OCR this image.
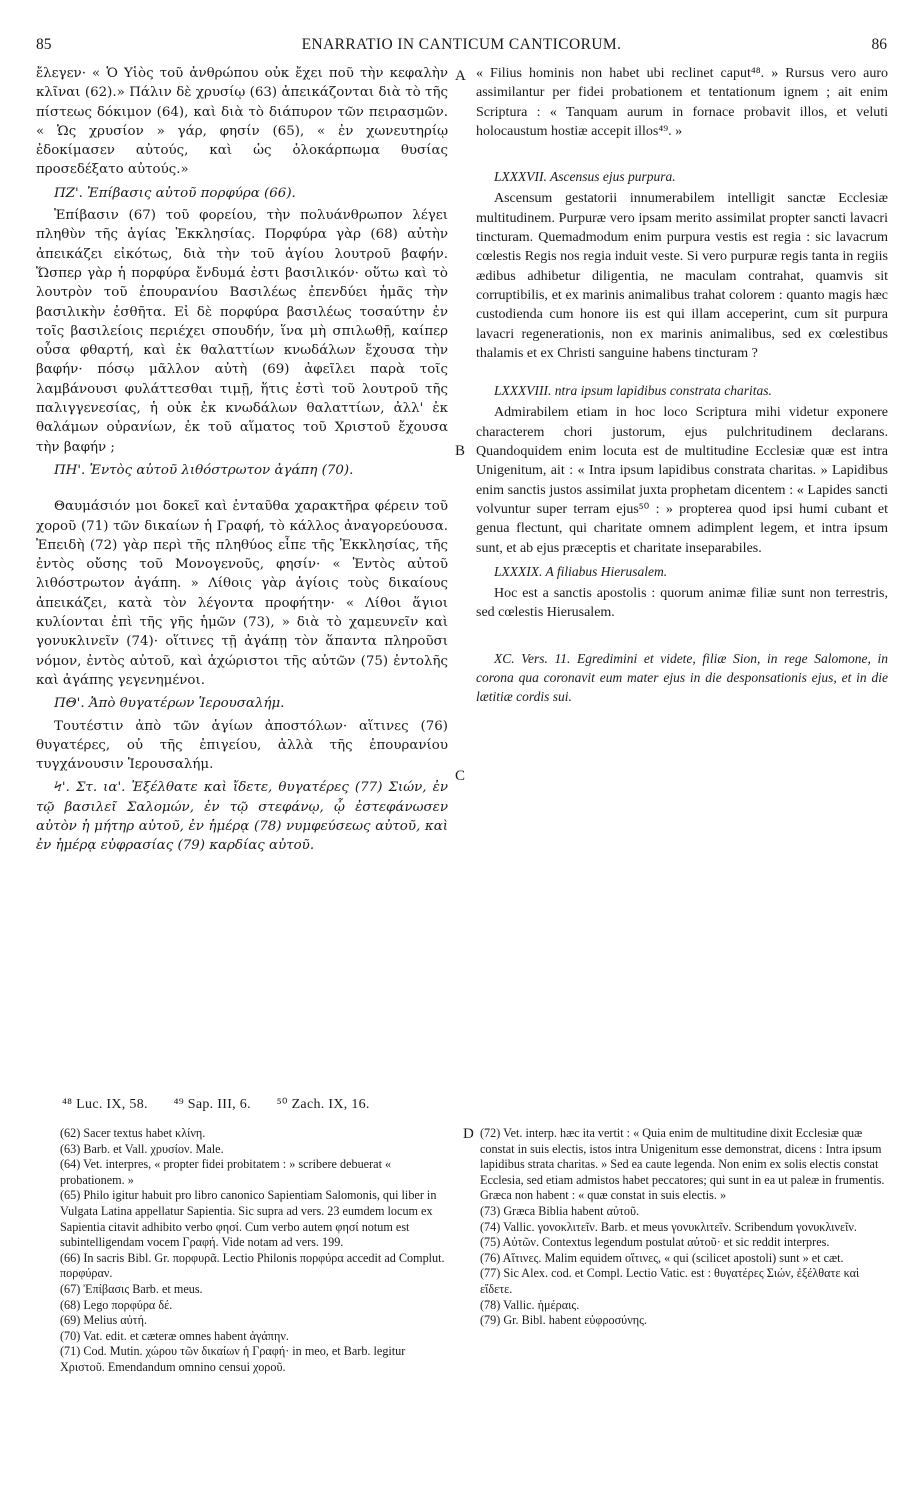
85	ENARRATIO IN CANTICUM CANTICORUM.	86
A
B
C
D

ἔλεγεν· « Ὁ Υἱὸς τοῦ ἀνθρώπου οὐκ ἔχει ποῦ τὴν κεφαλὴν κλῖναι (62).» Πάλιν δὲ χρυσίῳ (63) ἀπεικάζονται διὰ τὸ τῆς πίστεως δόκιμον (64), καὶ διὰ τὸ διάπυρον τῶν πειρασμῶν. « Ὡς χρυσίον » γάρ, φησίν (65), « ἐν χωνευτηρίῳ ἐδοκίμασεν αὐτούς, καὶ ὡς ὁλοκάρπωμα θυσίας προσεδέξατο αὐτούς.»

ΠΖ'. Ἐπίβασις αὐτοῦ πορφύρα (66).

Ἐπίβασιν (67) τοῦ φορείου, τὴν πολυάνθρωπον λέγει πληθὺν τῆς ἁγίας Ἐκκλησίας. Πορφύρα γὰρ (68) αὐτὴν ἀπεικάζει εἰκότως, διὰ τὴν τοῦ ἁγίου λουτροῦ βαφήν. Ὥσπερ γὰρ ἡ πορφύρα ἔνδυμά ἐστι βασιλικόν· οὕτω καὶ τὸ λουτρὸν τοῦ ἐπουρανίου Βασιλέως ἐπενδύει ἡμᾶς τὴν βασιλικὴν ἐσθῆτα. Εἰ δὲ πορφύρα βασιλέως τοσαύτην ἐν τοῖς βασιλείοις περιέχει σπουδήν, ἵνα μὴ σπιλωθῇ, καίπερ οὖσα φθαρτή, καὶ ἐκ θαλαττίων κνωδάλων ἔχουσα τὴν βαφήν· πόσῳ μᾶλλον αὐτὴ (69) ἀφεῖλει παρὰ τοῖς λαμβάνουσι φυλάττεσθαι τιμῇ, ἥτις ἐστὶ τοῦ λουτροῦ τῆς παλιγγενεσίας, ἡ οὐκ ἐκ κνωδάλων θαλαττίων, ἀλλ' ἐκ θαλάμων οὐρανίων, ἐκ τοῦ αἵματος τοῦ Χριστοῦ ἔχουσα τὴν βαφήν ;

ΠΗ'. Ἐντὸς αὐτοῦ λιθόστρωτον ἀγάπη (70).

Θαυμάσιόν μοι δοκεῖ καὶ ἐνταῦθα χαρακτῆρα φέρειν τοῦ χοροῦ (71) τῶν δικαίων ἡ Γραφή, τὸ κάλλος ἀναγορεύουσα. Ἐπειδὴ (72) γὰρ περὶ τῆς πληθύος εἶπε τῆς Ἐκκλησίας, τῆς ἐντὸς οὔσης τοῦ Μονογενοῦς, φησίν· « Ἐντὸς αὐτοῦ λιθόστρωτον ἀγάπη. » Λίθοις γὰρ ἁγίοις τοὺς δικαίους ἀπεικάζει, κατὰ τὸν λέγοντα προφήτην· « Λίθοι ἅγιοι κυλίονται ἐπὶ τῆς γῆς ἡμῶν (73), » διὰ τὸ χαμευνεῖν καὶ γονυκλινεῖν (74)· οἵτινες τῇ ἀγάπῃ τὸν ἅπαντα πληροῦσι νόμον, ἐντὸς αὐτοῦ, καὶ ἀχώριστοι τῆς αὐτῶν (75) ἐντολῆς καὶ ἀγάπης γεγενημένοι.

ΠΘ'. Ἀπὸ θυγατέρων Ἱερουσαλήμ.

Τουτέστιν ἀπὸ τῶν ἁγίων ἀποστόλων· αἵτινες (76) θυγατέρες, οὐ τῆς ἐπιγείου, ἀλλὰ τῆς ἐπουρανίου τυγχάνουσιν Ἱερουσαλήμ.

Ϟ'. Στ. ια'. Ἐξέλθατε καὶ ἴδετε, θυγατέρες (77) Σιών, ἐν τῷ βασιλεῖ Σαλομών, ἐν τῷ στεφάνῳ, ᾧ ἐστεφάνωσεν αὐτὸν ἡ μήτηρ αὐτοῦ, ἐν ἡμέρᾳ (78) νυμφεύσεως αὐτοῦ, καὶ ἐν ἡμέρᾳ εὐφρασίας (79) καρδίας αὐτοῦ.

« Filius hominis non habet ubi reclinet caput⁴⁸. » Rursus vero auro assimilantur per fidei probationem et tentationum ignem ; ait enim Scriptura : « Tanquam aurum in fornace probavit illos, et veluti holocaustum hostiæ accepit illos⁴⁹. »

LXXXVII. Ascensus ejus purpura.

Ascensum gestatorii innumerabilem intelligit sanctæ Ecclesiæ multitudinem. Purpuræ vero ipsam merito assimilat propter sancti lavacri tincturam. Quemadmodum enim purpura vestis est regia : sic lavacrum cœlestis Regis nos regia induit veste. Si vero purpuræ regis tanta in regiis ædibus adhibetur diligentia, ne maculam contrahat, quamvis sit corruptibilis, et ex marinis animalibus trahat colorem : quanto magis hæc custodienda cum honore iis est qui illam acceperint, cum sit purpura lavacri regenerationis, non ex marinis animalibus, sed ex cœlestibus thalamis et ex Christi sanguine habens tincturam ?

LXXXVIII. ntra ipsum lapidibus constrata charitas.

Admirabilem etiam in hoc loco Scriptura mihi videtur exponere characterem chori justorum, ejus pulchritudinem declarans. Quandoquidem enim locuta est de multitudine Ecclesiæ quæ est intra Unigenitum, ait : « Intra ipsum lapidibus constrata charitas. » Lapidibus enim sanctis justos assimilat juxta prophetam dicentem : « Lapides sancti volvuntur super terram ejus⁵⁰ : » propterea quod ipsi humi cubant et genua flectunt, qui charitate omnem adimplent legem, et intra ipsum sunt, et ab ejus præceptis et charitate inseparabiles.

LXXXIX. A filiabus Hierusalem.

Hoc est a sanctis apostolis : quorum animæ filiæ sunt non terrestris, sed cœlestis Hierusalem.

XC. Vers. 11. Egredimini et videte, filiæ Sion, in rege Salomone, in corona qua coronavit eum mater ejus in die desponsationis ejus, et in die lætitiæ cordis sui.
⁴⁸ Luc. IX, 58. ⁴⁹ Sap. III, 6. ⁵⁰ Zach. IX, 16.
(62) Sacer textus habet κλίνη.
(63) Barb. et Vall. χρυσίον. Male.
(64) Vet. interpres, « propter fidei probitatem : » scribere debuerat « probationem. »
(65) Philo igitur habuit pro libro canonico Sapientiam Salomonis, qui liber in Vulgata Latina appellatur Sapientia. Sic supra ad vers. 23 eumdem locum ex Sapientia citavit adhibito verbo φησί. Cum verbo autem φησί notum est subintelligendam vocem Γραφή. Vide notam ad vers. 199.
(66) In sacris Bibl. Gr. πορφυρᾶ. Lectio Philonis πορφύρα accedit ad Complut. πορφύραν.
(67) Ἐπίβασις Barb. et meus.
(68) Lego πορφύρα δέ.
(69) Melius αὐτή.
(70) Vat. edit. et cæteræ omnes habent ἀγάπην.
(71) Cod. Mutin. χώρου τῶν δικαίων ἡ Γραφή· in meo, et Barb. legitur Χριστοῦ. Emendandum omnino censui χοροῦ.
(72) Vet. interp. hæc ita vertit : « Quia enim de multitudine dixit Ecclesiæ quæ constat in suis electis, istos intra Unigenitum esse demonstrat, dicens : Intra ipsum lapidibus strata charitas. » Sed ea caute legenda. Non enim ex solis electis constat Ecclesia, sed etiam admistos habet peccatores; qui sunt in ea ut paleæ in frumentis. Græca non habent : « quæ constat in suis electis. »
(73) Græca Biblia habent αὐτοῦ.
(74) Vallic. γονοκλιτεῖν. Barb. et meus γονυκλιτεῖν. Scribendum γονυκλινεῖν.
(75) Αὐτῶν. Contextus legendum postulat αὐτοῦ· et sic reddit interpres.
(76) Αἵτινες. Malim equidem οἵτινες, « qui (scilicet apostoli) sunt » et cæt.
(77) Sic Alex. cod. et Compl. Lectio Vatic. est : θυγατέρες Σιών, ἐξέλθατε καὶ εἴδετε.
(78) Vallic. ἡμέραις.
(79) Gr. Bibl. habent εὐφροσύνης.
